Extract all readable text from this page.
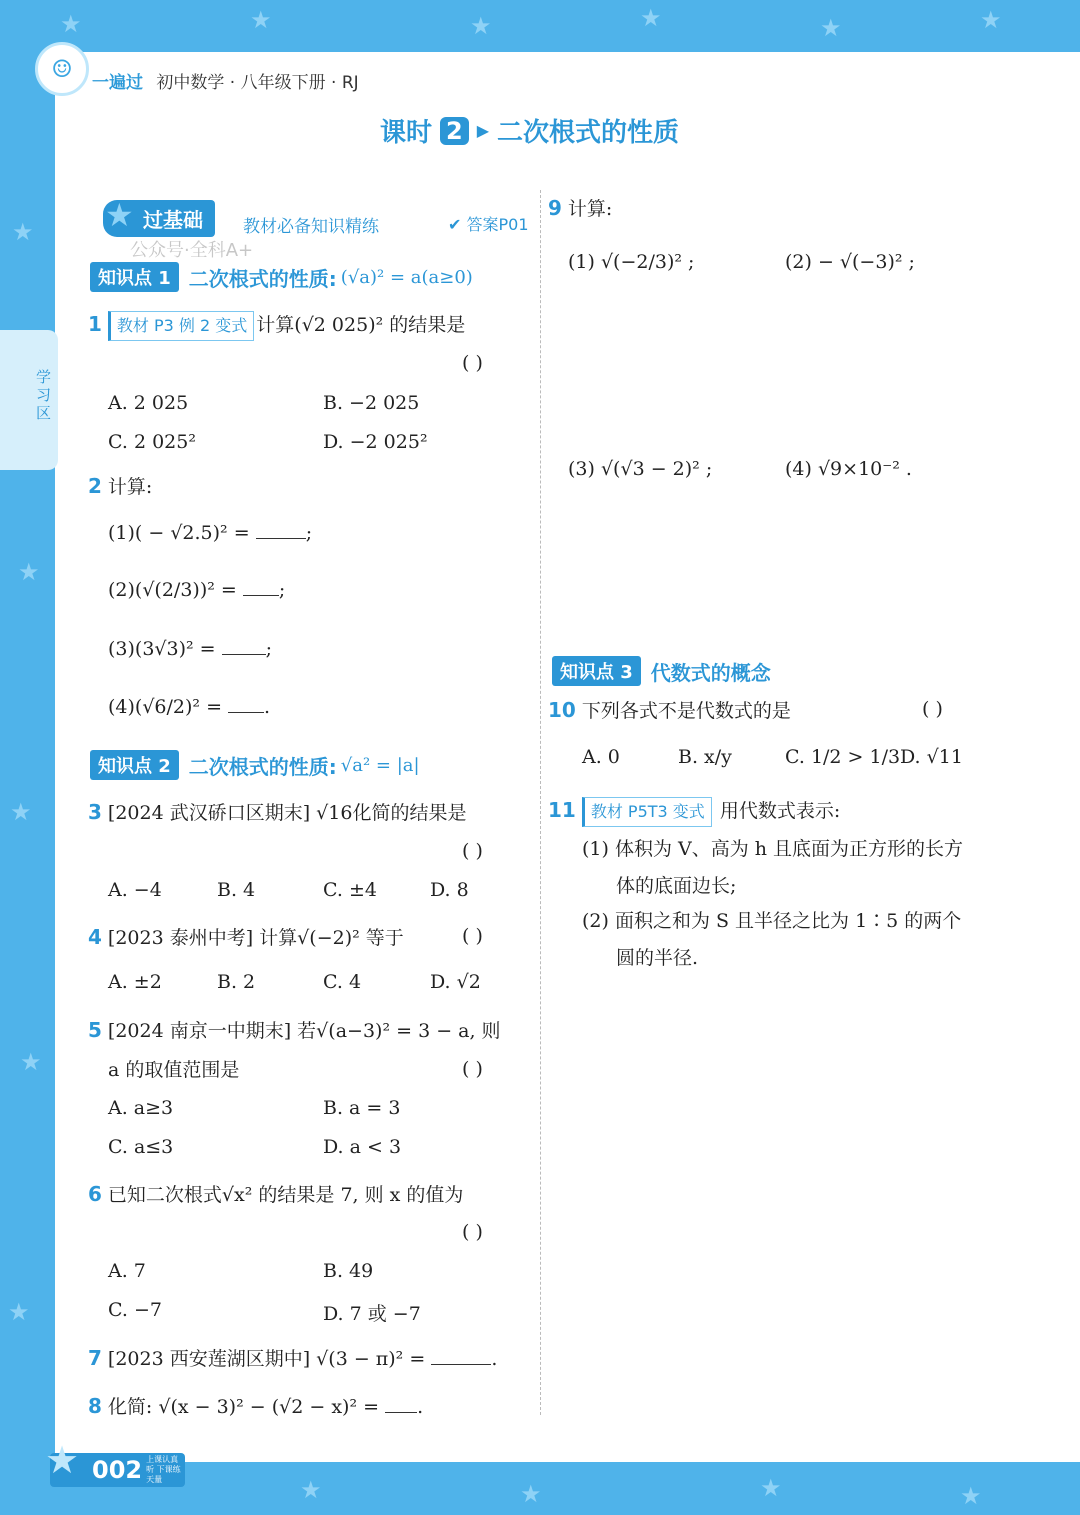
★	★	★	★	★	★
★
★
★
★
★
★	★	★	★
学习区
☺	一遍过 初中数学 · 八年级下册 · RJ
课时 2 ▶ 二次根式的性质
过基础
★	教材必备知识精练	✔ 答案P01
公众号·全科A+
知识点 1 二次根式的性质: (√a)² = a(a≥0)
1 教材 P3 例 2 变式 计算(√2 025)² 的结果是
( )
A. 2 025	B. −2 025
C. 2 025²	D. −2 025²
2 计算:
(1)( − √2.5)² =	;
(2)(√(2/3))² = ;
(3)(3√3)² =	;
(4)(√6/2)² = .
知识点 2 二次根式的性质: √a² = |a|
3 [2024 武汉硚口区期末] √16化简的结果是
( )
A. −4	B. 4	C. ±4	D. 8
4 [2023 泰州中考] 计算√(−2)² 等于	( )
A. ±2	B. 2	C. 4	D. √2
5 [2024 南京一中期末] 若√(a−3)² = 3 − a, 则
a 的取值范围是	( )
A. a≥3	B. a = 3
C. a≤3	D. a < 3
6 已知二次根式√x² 的结果是 7, 则 x 的值为
( )
A. 7	B. 49
C. −7	D. 7 或 −7
7 [2023 西安莲湖区期中] √(3 − π)² =	.
8 化简: √(x − 3)² − (√2 − x)² = .
9 计算:
(1) √(−2/3)² ;	(2) − √(−3)² ;
(3) √(√3 − 2)² ;	(4) √9×10⁻² .
知识点 3 代数式的概念
10 下列各式不是代数式的是	( )
A. 0	B. x/y	C. 1/2 > 1/3 D. √11
11 教材 P5T3 变式 用代数式表示:
(1) 体积为 V、高为 h 且底面为正方形的长方
体的底面边长;
(2) 面积之和为 S 且半径之比为 1∶5 的两个
圆的半径.
002 上课认真听 下课练天量
★
